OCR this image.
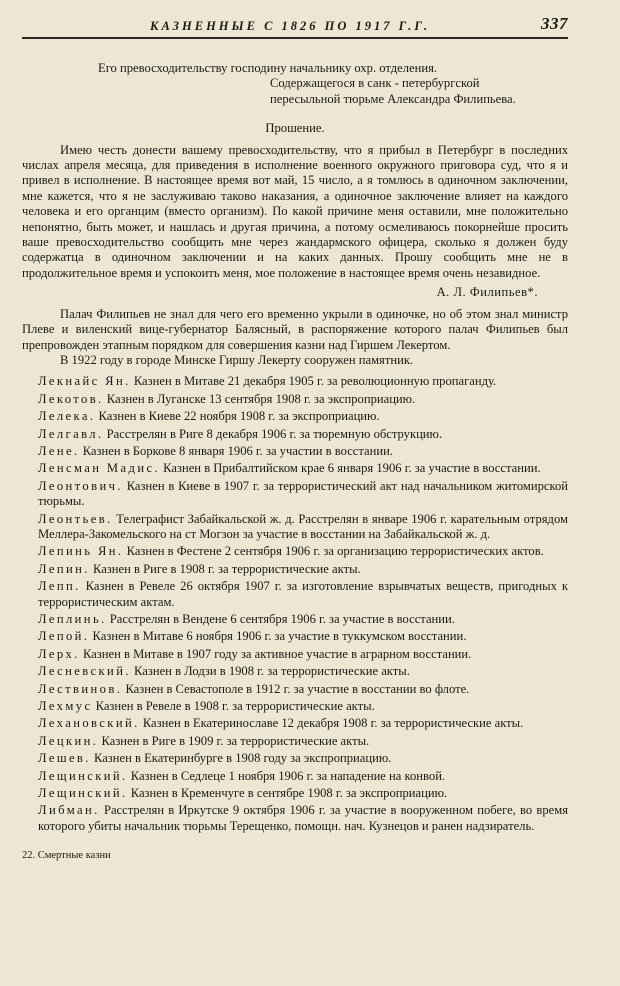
КАЗНЕННЫЕ С 1826 ПО 1917 Г.Г.	337
Его превосходительству господину начальнику охр. отделения.
Содержащегося в санк - петербургской
пересыльной тюрьме Александра Филипьева.
Прошение.

Имею честь донести вашему превосходительству, что я прибыл в Петербург в последних числах апреля месяца, для приведения в исполнение военного окружного приговора суд, что я и привел в исполнение. В настоящее время вот май, 15 число, а я томлюсь в одиночном заключении, мне кажется, что я не заслуживаю таково наказания, а одиночное заключение влияет на каждого человека и его органцим (вместо организм). По какой причине меня оставили, мне положительно непонятно, быть может, и нашлась и другая причина, а потому осмеливаюсь покорнейше просить ваше превосходительство сообщить мне через жандармского офицера, сколько я должен буду содержатца в одиночном заключении и на каких данных. Прошу сообщить мне не в продолжительное время и успокоить меня, мое положение в настоящее время очень незавидное.

А. Л. Филипьев*.

Палач Филипьев не знал для чего его временно укрыли в одиночке, но об этом знал министр Плеве и виленский вице-губернатор Балясный, в распоряжение которого палач Филипьев был препровожден этапным порядком для совершения казни над Гиршем Лекертом.

В 1922 году в городе Минске Гиршу Лекерту сооружен памятник.

Лекнайс Ян. Казнен в Митаве 21 декабря 1905 г. за революционную пропаганду.

Лекотов. Казнен в Луганске 13 сентября 1908 г. за экспроприацию.

Лелека. Казнен в Киеве 22 ноября 1908 г. за экспроприацию.

Лелгавл. Расстрелян в Риге 8 декабря 1906 г. за тюремную обструкцию.

Лене. Казнен в Боркове 8 января 1906 г. за участии в восстании.

Ленсман Мадис. Казнен в Прибалтийском крае 6 января 1906 г. за участие в восстании.

Леонтович. Казнен в Киеве в 1907 г. за террористический акт над начальником житомирской тюрьмы.

Леонтьев. Телеграфист Забайкальской ж. д. Расстрелян в январе 1906 г. карательным отрядом Меллера-Закомельского на ст Могзон за участие в восстании на Забайкальской ж. д.

Лепинь Ян. Казнен в Фестене 2 сентября 1906 г. за организацию террористических актов.

Лепин. Казнен в Риге в 1908 г. за террористические акты.

Лепп. Казнен в Ревеле 26 октября 1907 г. за изготовление взрывчатых веществ, пригодных к террористическим актам.

Леплинь. Расстрелян в Вендене 6 сентября 1906 г. за участие в восстании.

Лепой. Казнен в Митаве 6 ноября 1906 г. за участие в туккумском восстании.

Лерх. Казнен в Митаве в 1907 году за активное участие в аграрном восстании.

Лесневский. Казнен в Лодзи в 1908 г. за террористические акты.

Лествинов. Казнен в Севастополе в 1912 г. за участие в восстании во флоте.

Лехмус Казнен в Ревеле в 1908 г. за террористические акты.

Лехановский. Казнен в Екатеринославе 12 декабря 1908 г. за террористические акты.

Лецкин. Казнен в Риге в 1909 г. за террористические акты.

Лешев. Казнен в Екатеринбурге в 1908 году за экспроприацию.

Лещинский. Казнен в Седлеце 1 ноября 1906 г. за нападение на конвой.

Лещинский. Казнен в Кременчуге в сентябре 1908 г. за экспроприацию.

Либман. Расстрелян в Иркутске 9 октября 1906 г. за участие в вооруженном побеге, во время которого убиты начальник тюрьмы Терещенко, помощн. нач. Кузнецов и ранен надзиратель.

22. Смертные казни
